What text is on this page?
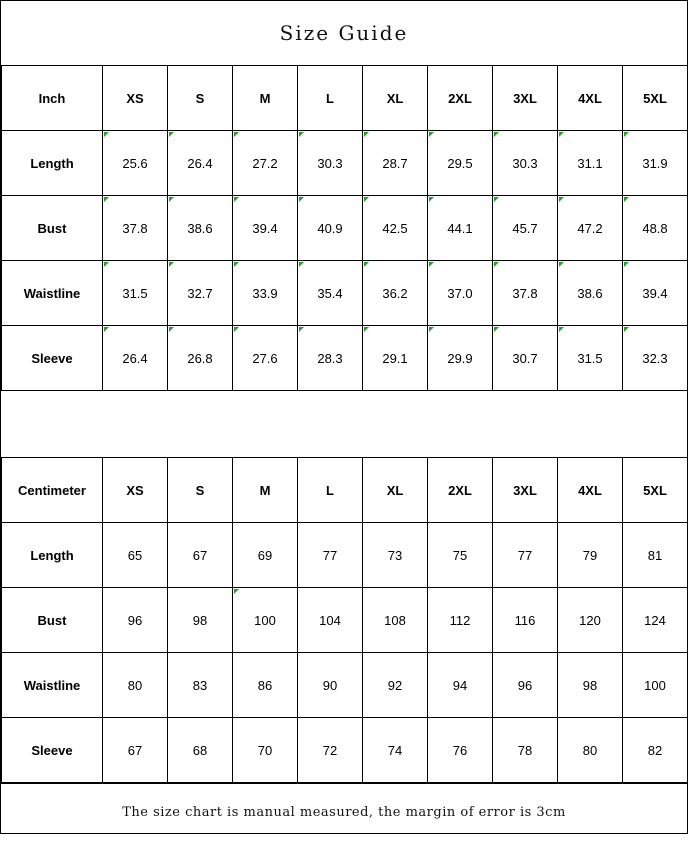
Size Guide
Inch	XS	S	M	L	XL	2XL	3XL	4XL	5XL
Length	25.6	26.4	27.2	30.3	28.7	29.5	30.3	31.1	31.9
Bust	37.8	38.6	39.4	40.9	42.5	44.1	45.7	47.2	48.8
Waistline	31.5	32.7	33.9	35.4	36.2	37.0	37.8	38.6	39.4
Sleeve	26.4	26.8	27.6	28.3	29.1	29.9	30.7	31.5	32.3
Centimeter	XS	S	M	L	XL	2XL	3XL	4XL	5XL
Length	65	67	69	77	73	75	77	79	81
Bust	96	98	100	104	108	112	116	120	124
Waistline	80	83	86	90	92	94	96	98	100
Sleeve	67	68	70	72	74	76	78	80	82
The size chart is manual measured, the margin of error is 3cm
